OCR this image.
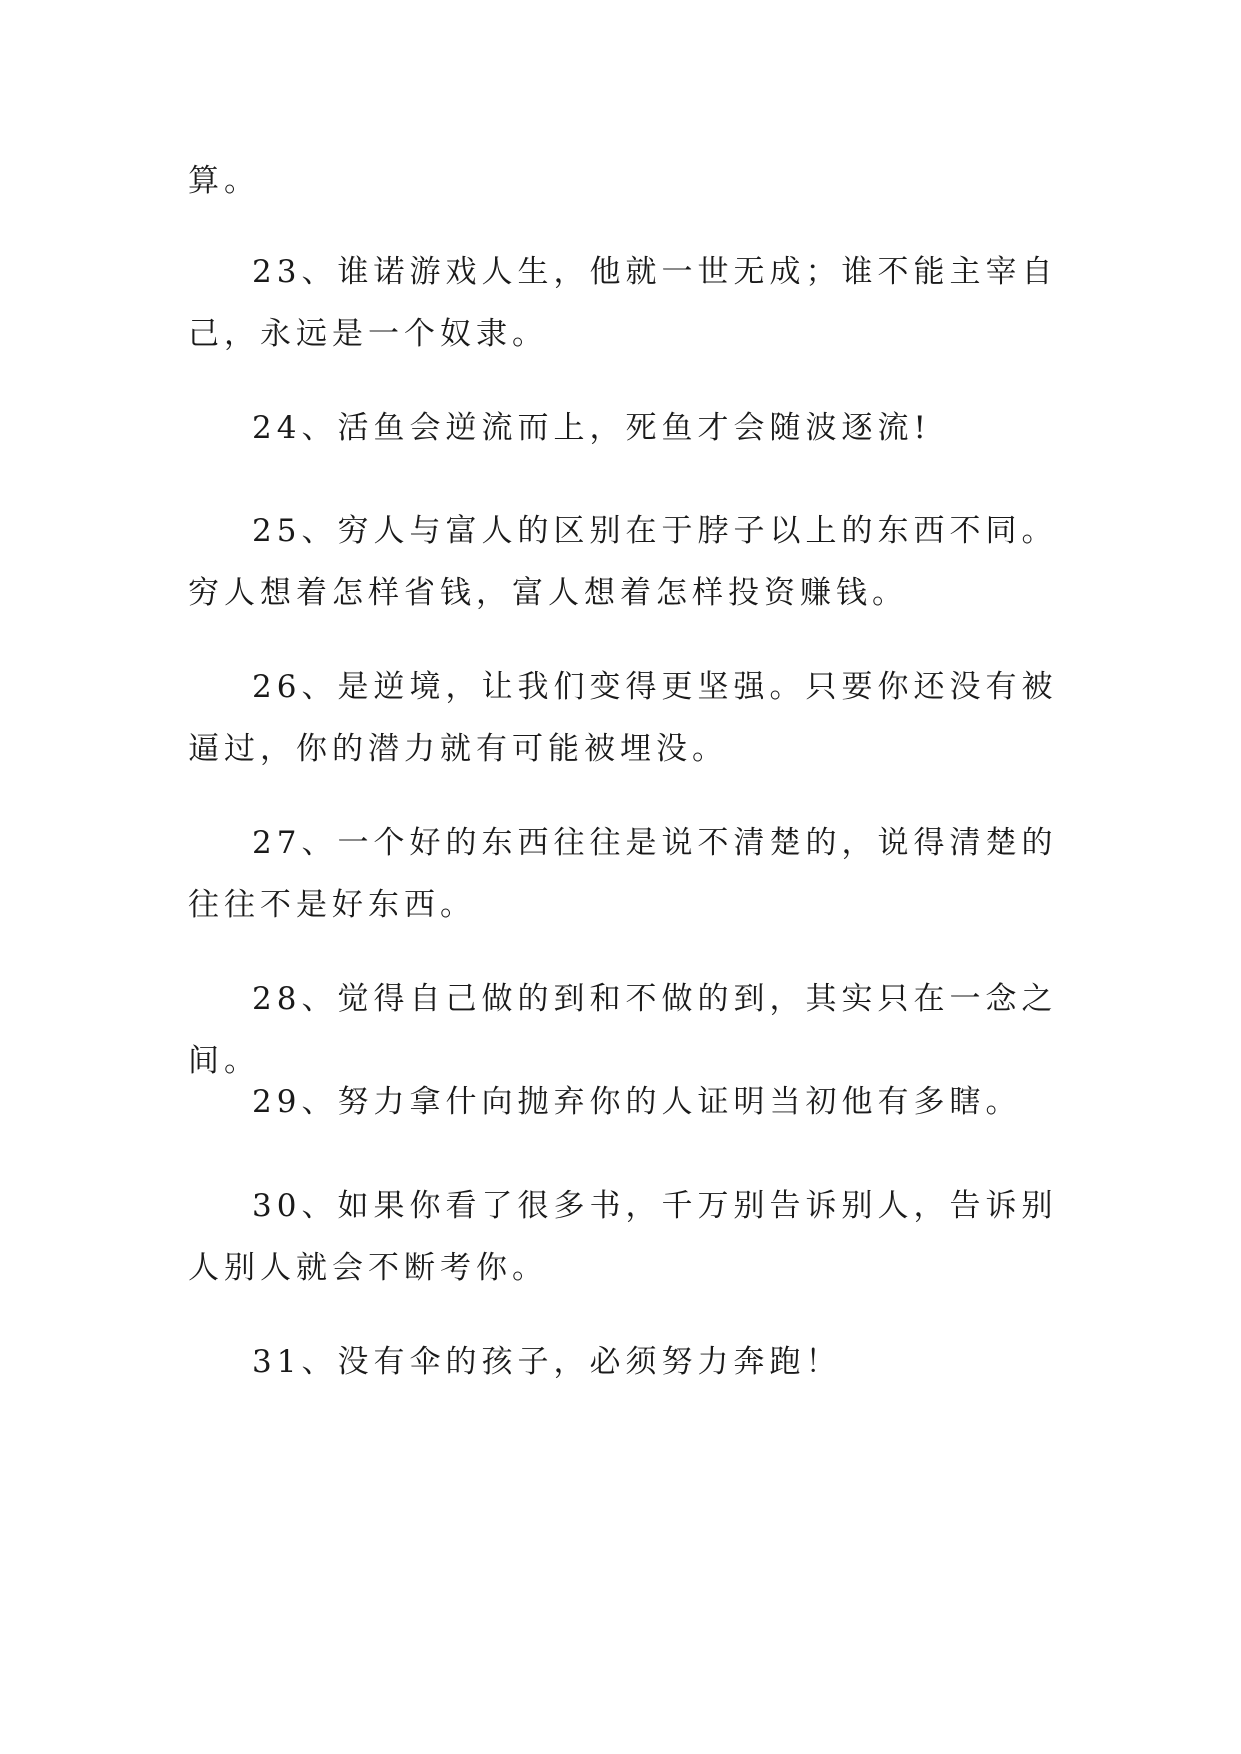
算。

23、谁诺游戏人生，他就一世无成；谁不能主宰自己，永远是一个奴隶。

24、活鱼会逆流而上，死鱼才会随波逐流!

25、穷人与富人的区别在于脖子以上的东西不同。穷人想着怎样省钱，富人想着怎样投资赚钱。

26、是逆境，让我们变得更坚强。只要你还没有被逼过，你的潜力就有可能被埋没。

27、一个好的东西往往是说不清楚的，说得清楚的往往不是好东西。

28、觉得自己做的到和不做的到，其实只在一念之间。

29、努力拿什向抛弃你的人证明当初他有多瞎。

30、如果你看了很多书，千万别告诉别人，告诉别人别人就会不断考你。

31、没有伞的孩子，必须努力奔跑！
